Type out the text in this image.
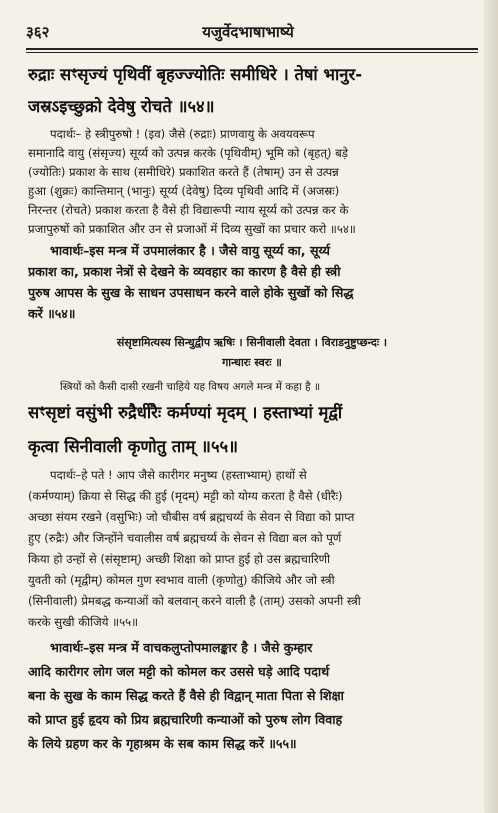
३६२	यजुर्वेदभाषाभाष्ये
रुद्राः सꣳसृज्यं पृथिवीं बृहज्ज्योतिः समीधिरे । तेषां भानुर-
जस्रऽइच्छुक्रो देवेषु रोचते ॥५४॥
पदार्थः– हे स्त्रीपुरुषो ! (इव) जैसे (रुद्राः) प्राणवायु के अवयवरूप
समानादि वायु (संसृज्य) सूर्य्य को उत्पन्न करके (पृथिवीम्) भूमि को (बृहत्) बड़े
(ज्योतिः) प्रकाश के साथ (समीधिरे) प्रकाशित करते हैं (तेषाम्) उन से उत्पन्न
हुआ (शुक्रः) कान्तिमान् (भानुः) सूर्य्य (देवेषु) दिव्य पृथिवी आदि में (अजस्रः)
निरन्तर (रोचते) प्रकाश करता है वैसे ही विद्यारूपी न्याय सूर्य्य को उत्पन्न कर के
प्रजापुरुषों को प्रकाशित और उन से प्रजाओं में दिव्य सुखों का प्रचार करो ॥५४॥
भावार्थः–इस मन्त्र में उपमालंकार है । जैसे वायु सूर्य्य का, सूर्य्य
प्रकाश का, प्रकाश नेत्रों से देखने के व्यवहार का कारण है वैसे ही स्त्री
पुरुष आपस के सुख के साधन उपसाधन करने वाले होके सुखों को सिद्ध
करें ॥५४॥
संसृष्टामित्यस्य सिन्धुद्वीप ऋषिः । सिनीवाली देवता । विराडनुष्टुप्छन्दः ।
गान्धारः स्वरः ॥
स्त्रियों को कैसी दासी रखनी चाहिये यह विषय अगले मन्त्र में कहा है ॥
सꣳसृष्टां वसुंभी रुद्रैर्धीरैः कर्मण्यां मृदम् । हस्ताभ्यां मृद्वीं
कृत्वा सिनीवाली कृणोतु ताम् ॥५५॥
पदार्थः–हे पते ! आप जैसे कारीगर मनुष्य (हस्ताभ्याम्) हाथों से
(कर्मण्याम्) क्रिया से सिद्ध की हुई (मृदम्) मट्टी को योग्य करता है वैसे (धीरैः)
अच्छा संयम रखने (वसुभिः) जो चौबीस वर्ष ब्रह्मचर्य्य के सेवन से विद्या को प्राप्त
हुए (रुद्रैः) और जिन्होंने चवालीस वर्ष ब्रह्मचर्य्य के सेवन से विद्या बल को पूर्ण
किया हो उन्हों से (संसृष्टाम्) अच्छी शिक्षा को प्राप्त हुई हो उस ब्रह्मचारिणी
युवती को (मृद्वीम्) कोमल गुण स्वभाव वाली (कृणोतु) कीजिये और जो स्त्री
(सिनीवाली) प्रेमबद्ध कन्याओं को बलवान् करने वाली है (ताम्) उसको अपनी स्त्री
करके सुखी कीजिये ॥५५॥
भावार्थः–इस मन्त्र में वाचकलुप्तोपमालङ्कार है । जैसे कुम्हार
आदि कारीगर लोग जल मट्टी को कोमल कर उससे घड़े आदि पदार्थ
बना के सुख के काम सिद्ध करते हैं वैसे ही विद्वान् माता पिता से शिक्षा
को प्राप्त हुई हृदय को प्रिय ब्रह्मचारिणी कन्याओं को पुरुष लोग विवाह
के लिये ग्रहण कर के गृहाश्रम के सब काम सिद्ध करें ॥५५॥
